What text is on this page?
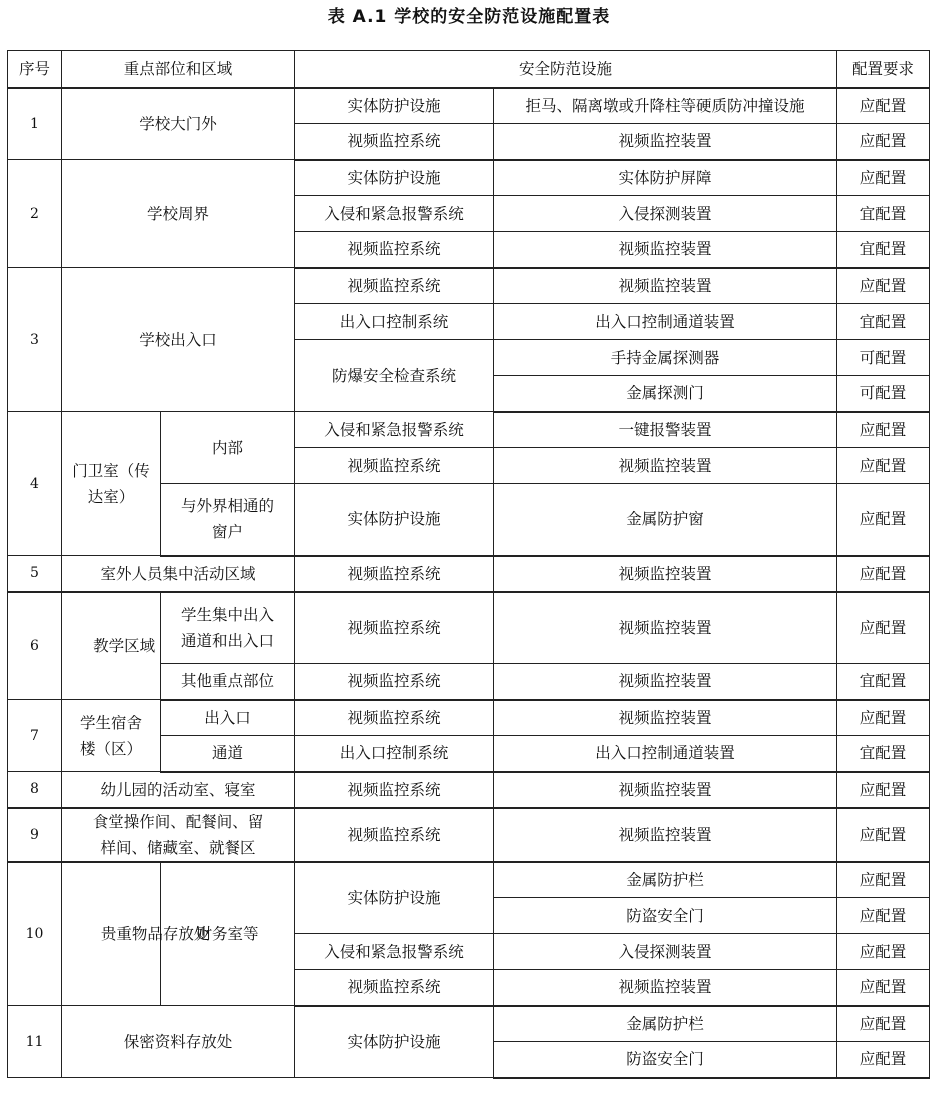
表 A.1 学校的安全防范设施配置表
序号	重点部位和区域		安全防范设施		配置要求
1	学校大门外		实体防护设施	拒马、隔离墩或升降柱等硬质防冲撞设施	应配置
			视频监控系统	视频监控装置	应配置
2	学校周界		实体防护设施	实体防护屏障	应配置
			入侵和紧急报警系统	入侵探测装置	宜配置
			视频监控系统	视频监控装置	宜配置
3	学校出入口		视频监控系统	视频监控装置	应配置
			出入口控制系统	出入口控制通道装置	宜配置
			防爆安全检查系统	手持金属探测器	可配置
				金属探测门	可配置
4	门卫室（传达室）	内部	入侵和紧急报警系统	一键报警装置	应配置
			视频监控系统	视频监控装置	应配置
		与外界相通的窗户	实体防护设施	金属防护窗	应配置
5	室外人员集中活动区域		视频监控系统	视频监控装置	应配置
6	教学区域	学生集中出入通道和出入口	视频监控系统	视频监控装置	应配置
		其他重点部位	视频监控系统	视频监控装置	宜配置
7	学生宿舍楼（区）	出入口	视频监控系统	视频监控装置	应配置
		通道	出入口控制系统	出入口控制通道装置	宜配置
8	幼儿园的活动室、寝室		视频监控系统	视频监控装置	应配置
9	食堂操作间、配餐间、留样间、储藏室、就餐区		视频监控系统	视频监控装置	应配置
10	贵重物品存放处	财务室等	实体防护设施	金属防护栏	应配置
				防盗安全门	应配置
			入侵和紧急报警系统	入侵探测装置	应配置
			视频监控系统	视频监控装置	应配置
11	保密资料存放处		实体防护设施	金属防护栏	应配置
				防盗安全门	应配置
